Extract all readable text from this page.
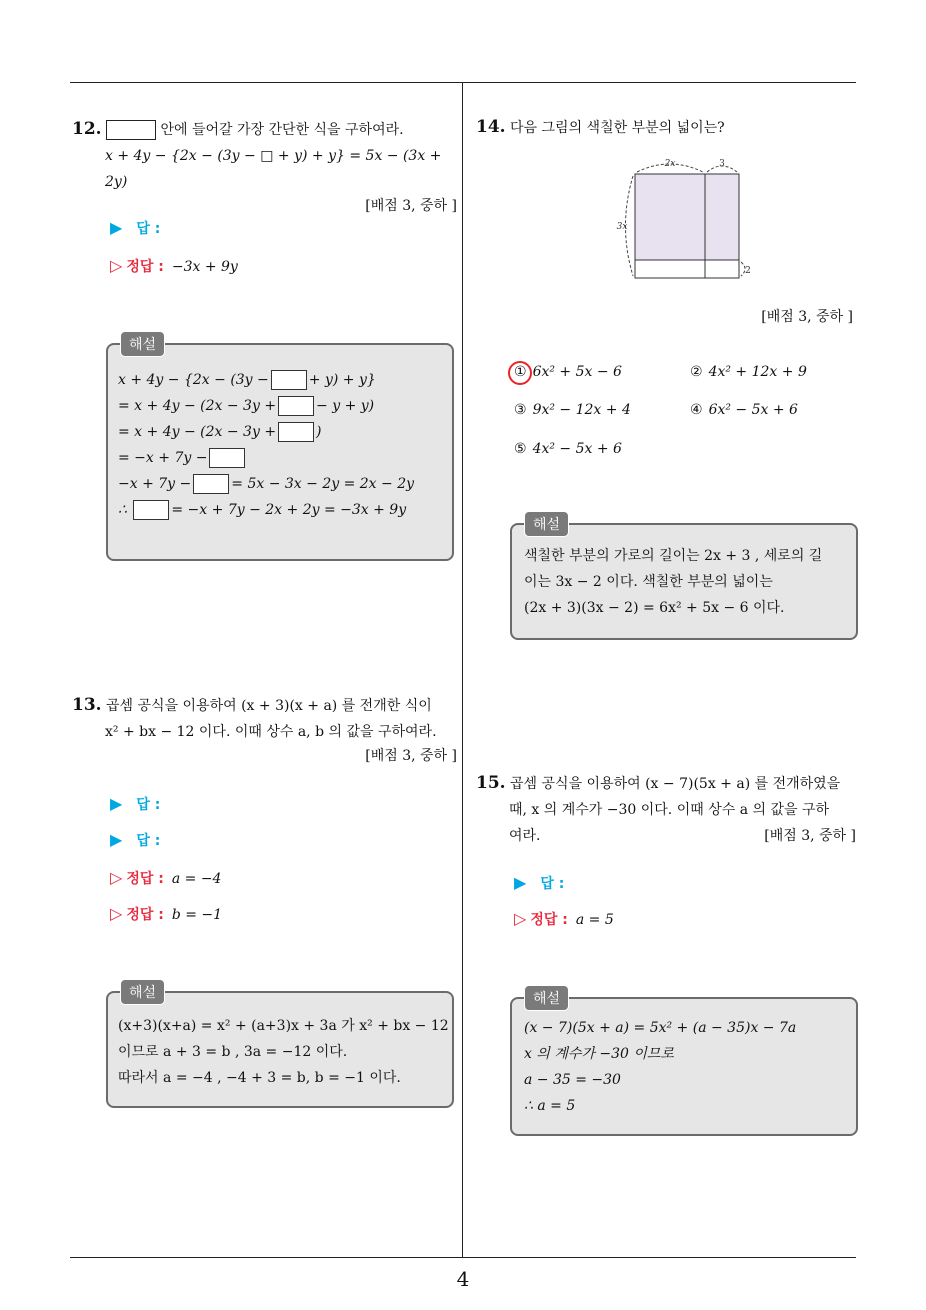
4
12.	안에 들어갈 가장 간단한 식을 구하여라.
x + 4y − {2x − (3y − □ + y) + y} = 5x − (3x + 2y)
[배점 3, 중하 ]
▶ 답 :
▷ 정답 : −3x + 9y
x + 4y − {2x − (3y −	+ y) + y}
= x + 4y − (2x − 3y +	− y + y)
= x + 4y − (2x − 3y +	)
= −x + 7y −
−x + 7y −	= 5x − 3x − 2y = 2x − 2y
∴	= −x + 7y − 2x + 2y = −3x + 9y
해설
13. 곱셈 공식을 이용하여 (x + 3)(x + a) 를 전개한 식이
x² + bx − 12 이다. 이때 상수 a, b 의 값을 구하여라.
[배점 3, 중하 ]
▶ 답 :
▶ 답 :
▷ 정답 : a = −4
▷ 정답 : b = −1
(x+3)(x+a) = x² + (a+3)x + 3a 가 x² + bx − 12
이므로 a + 3 = b , 3a = −12 이다.
따라서 a = −4 , −4 + 3 = b, b = −1 이다.
해설
14. 다음 그림의 색칠한 부분의 넓이는?
2x	3
3x
2
[배점 3, 중하 ]
① 6x² + 5x − 6	② 4x² + 12x + 9
③ 9x² − 12x + 4	④ 6x² − 5x + 6
⑤ 4x² − 5x + 6
색칠한 부분의 가로의 길이는 2x + 3 , 세로의 길
이는 3x − 2 이다. 색칠한 부분의 넓이는
(2x + 3)(3x − 2) = 6x² + 5x − 6 이다.
해설
15. 곱셈 공식을 이용하여 (x − 7)(5x + a) 를 전개하였을
때, x 의 계수가 −30 이다. 이때 상수 a 의 값을 구하
여라.	[배점 3, 중하 ]
▶ 답 :
▷ 정답 : a = 5
(x − 7)(5x + a) = 5x² + (a − 35)x − 7a
x 의 계수가 −30 이므로
a − 35 = −30
∴ a = 5
해설
